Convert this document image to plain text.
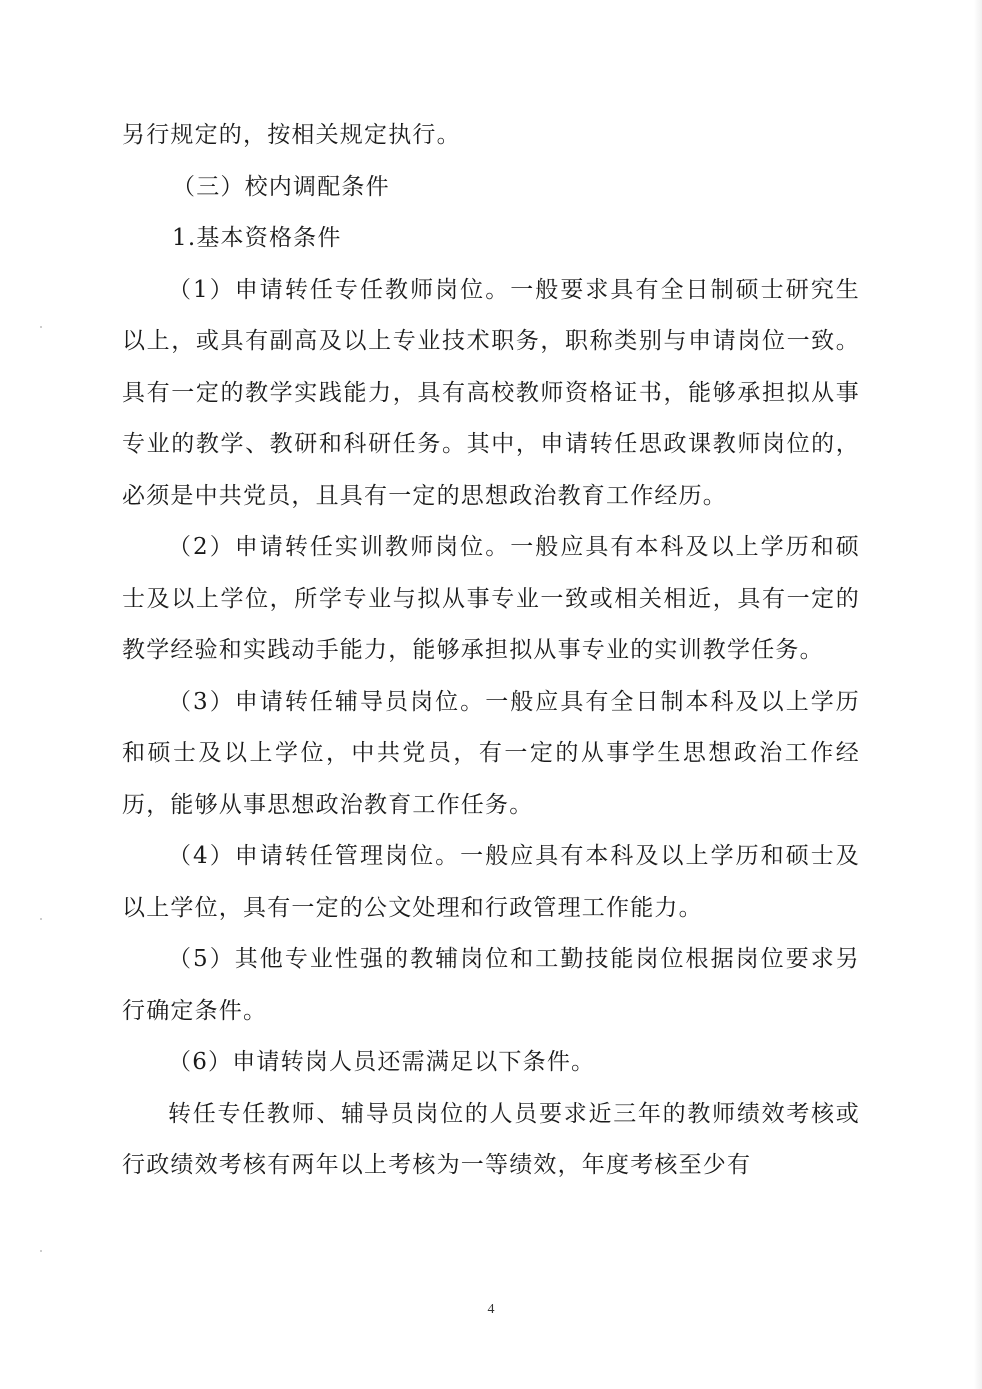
另行规定的，按相关规定执行。

（三）校内调配条件

1.基本资格条件

（1）申请转任专任教师岗位。一般要求具有全日制硕士研究生以上，或具有副高及以上专业技术职务，职称类别与申请岗位一致。具有一定的教学实践能力，具有高校教师资格证书，能够承担拟从事专业的教学、教研和科研任务。其中，申请转任思政课教师岗位的，必须是中共党员，且具有一定的思想政治教育工作经历。

（2）申请转任实训教师岗位。一般应具有本科及以上学历和硕士及以上学位，所学专业与拟从事专业一致或相关相近，具有一定的教学经验和实践动手能力，能够承担拟从事专业的实训教学任务。

（3）申请转任辅导员岗位。一般应具有全日制本科及以上学历和硕士及以上学位，中共党员，有一定的从事学生思想政治工作经历，能够从事思想政治教育工作任务。

（4）申请转任管理岗位。一般应具有本科及以上学历和硕士及以上学位，具有一定的公文处理和行政管理工作能力。

（5）其他专业性强的教辅岗位和工勤技能岗位根据岗位要求另行确定条件。

（6）申请转岗人员还需满足以下条件。

转任专任教师、辅导员岗位的人员要求近三年的教师绩效考核或行政绩效考核有两年以上考核为一等绩效，年度考核至少有

4
